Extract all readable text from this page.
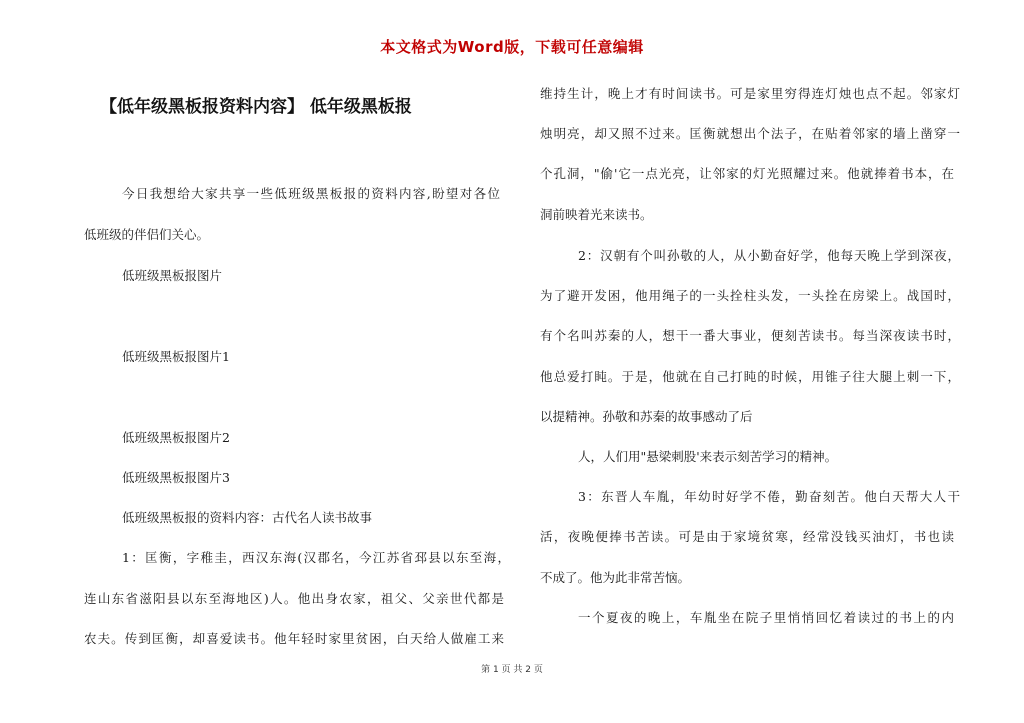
本文格式为Word版，下载可任意编辑
【低年级黑板报资料内容】 低年级黑板报
今日我想给大家共享一些低班级黑板报的资料内容,盼望对各位
低班级的伴侣们关心。
低班级黑板报图片
低班级黑板报图片1
低班级黑板报图片2
低班级黑板报图片3
低班级黑板报的资料内容：古代名人读书故事
1：匡衡，字稚圭，西汉东海(汉郡名，今江苏省邳县以东至海，
连山东省滋阳县以东至海地区)人。他出身农家，祖父、父亲世代都是
农夫。传到匡衡，却喜爱读书。他年轻时家里贫困，白天给人做雇工来
维持生计，晚上才有时间读书。可是家里穷得连灯烛也点不起。邻家灯
烛明亮，却又照不过来。匡衡就想出个法子，在贴着邻家的墙上凿穿一
个孔洞，"偷'它一点光亮，让邻家的灯光照耀过来。他就捧着书本，在
洞前映着光来读书。
2：汉朝有个叫孙敬的人，从小勤奋好学，他每天晚上学到深夜，
为了避开发困，他用绳子的一头拴柱头发，一头拴在房梁上。战国时，
有个名叫苏秦的人，想干一番大事业，便刻苦读书。每当深夜读书时，
他总爱打盹。于是，他就在自己打盹的时候，用锥子往大腿上刺一下，
以提精神。孙敬和苏秦的故事感动了后
人，人们用"悬梁刺股'来表示刻苦学习的精神。
3：东晋人车胤，年幼时好学不倦，勤奋刻苦。他白天帮大人干
活，夜晚便捧书苦读。可是由于家境贫寒，经常没钱买油灯，书也读
不成了。他为此非常苦恼。
一个夏夜的晚上，车胤坐在院子里悄悄回忆着读过的书上的内
第 1 页 共 2 页
